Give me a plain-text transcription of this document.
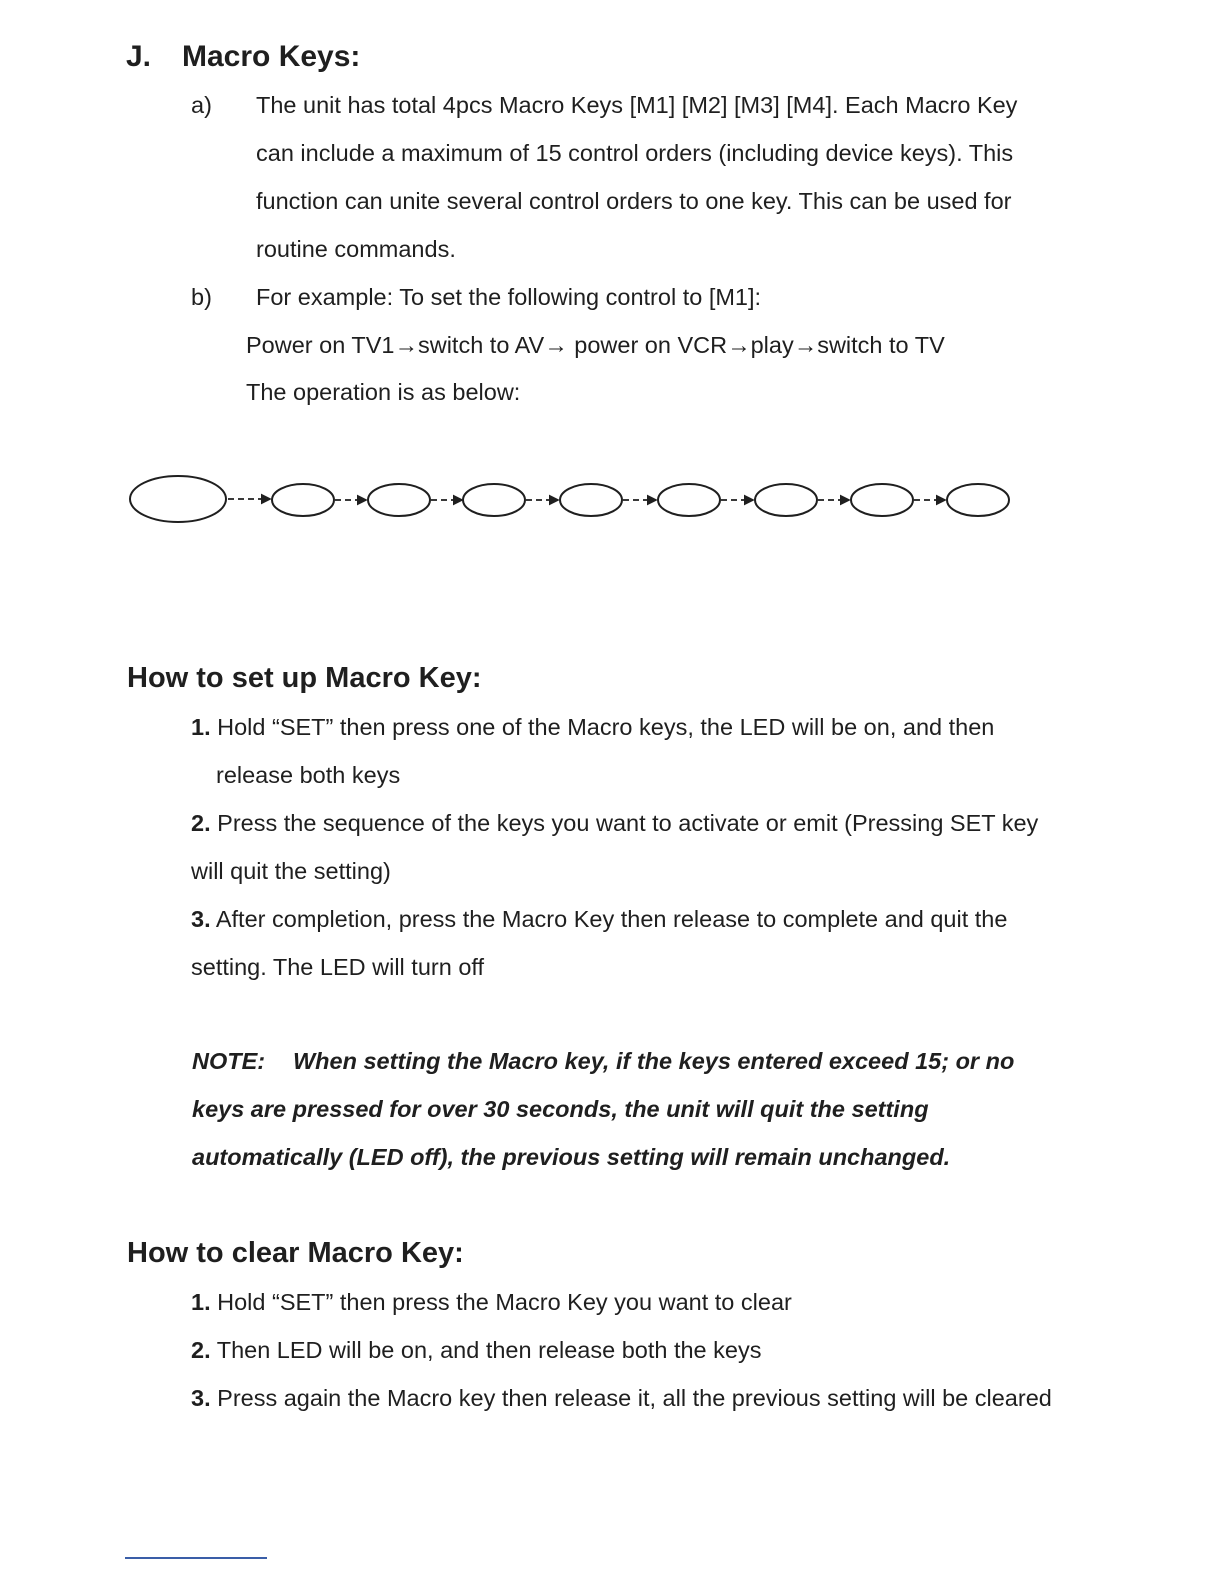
J. Macro Keys:
a) The unit has total 4pcs Macro Keys [M1] [M2] [M3] [M4]. Each Macro Key
can include a maximum of 15 control orders (including device keys). This
function can unite several control orders to one key. This can be used for
routine commands.
b) For example: To set the following control to [M1]:
Power on TV1→switch to AV→ power on VCR→play→switch to TV
The operation is as below:
How to set up Macro Key:
1. Hold “SET” then press one of the Macro keys, the LED will be on, and then
release both keys
2. Press the sequence of the keys you want to activate or emit (Pressing SET key
will quit the setting)
3. After completion, press the Macro Key then release to complete and quit the
setting. The LED will turn off
NOTE: When setting the Macro key, if the keys entered exceed 15; or no
keys are pressed for over 30 seconds, the unit will quit the setting
automatically (LED off), the previous setting will remain unchanged.
How to clear Macro Key:
1. Hold “SET” then press the Macro Key you want to clear
2. Then LED will be on, and then release both the keys
3. Press again the Macro key then release it, all the previous setting will be cleared
